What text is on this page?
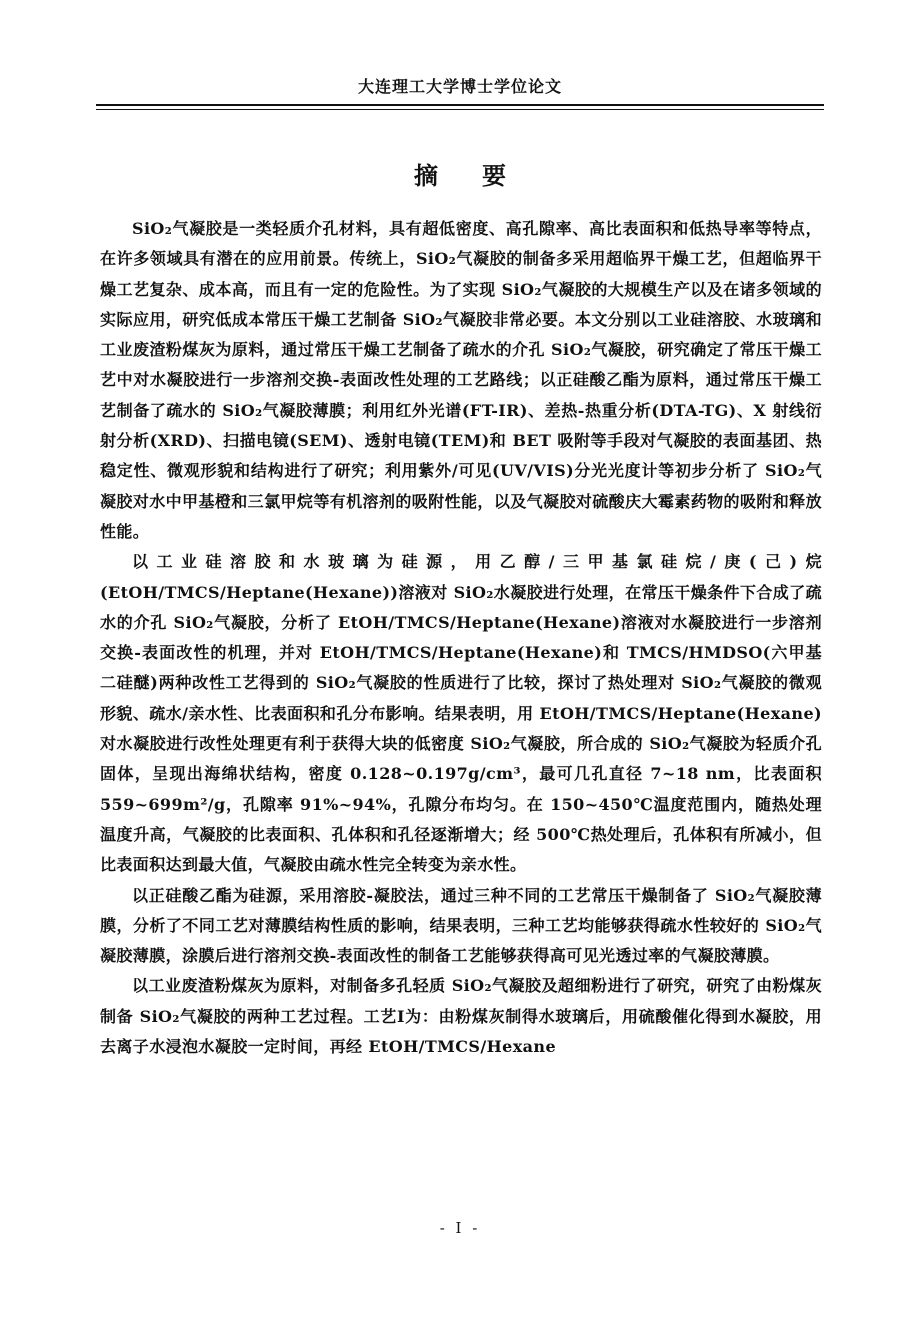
大连理工大学博士学位论文
摘要

SiO₂气凝胶是一类轻质介孔材料，具有超低密度、高孔隙率、高比表面积和低热导率等特点，在许多领域具有潜在的应用前景。传统上，SiO₂气凝胶的制备多采用超临界干燥工艺，但超临界干燥工艺复杂、成本高，而且有一定的危险性。为了实现 SiO₂气凝胶的大规模生产以及在诸多领域的实际应用，研究低成本常压干燥工艺制备 SiO₂气凝胶非常必要。本文分别以工业硅溶胶、水玻璃和工业废渣粉煤灰为原料，通过常压干燥工艺制备了疏水的介孔 SiO₂气凝胶，研究确定了常压干燥工艺中对水凝胶进行一步溶剂交换-表面改性处理的工艺路线；以正硅酸乙酯为原料，通过常压干燥工艺制备了疏水的 SiO₂气凝胶薄膜；利用红外光谱(FT-IR)、差热-热重分析(DTA-TG)、X 射线衍射分析(XRD)、扫描电镜(SEM)、透射电镜(TEM)和 BET 吸附等手段对气凝胶的表面基团、热稳定性、微观形貌和结构进行了研究；利用紫外/可见(UV/VIS)分光光度计等初步分析了 SiO₂气凝胶对水中甲基橙和三氯甲烷等有机溶剂的吸附性能，以及气凝胶对硫酸庆大霉素药物的吸附和释放性能。

以工业硅溶胶和水玻璃为硅源，用乙醇/三甲基氯硅烷/庚(己)烷(EtOH/TMCS/Heptane(Hexane))溶液对 SiO₂水凝胶进行处理，在常压干燥条件下合成了疏水的介孔 SiO₂气凝胶，分析了 EtOH/TMCS/Heptane(Hexane)溶液对水凝胶进行一步溶剂交换-表面改性的机理，并对 EtOH/TMCS/Heptane(Hexane)和 TMCS/HMDSO(六甲基二硅醚)两种改性工艺得到的 SiO₂气凝胶的性质进行了比较，探讨了热处理对 SiO₂气凝胶的微观形貌、疏水/亲水性、比表面积和孔分布影响。结果表明，用 EtOH/TMCS/Heptane(Hexane)对水凝胶进行改性处理更有利于获得大块的低密度 SiO₂气凝胶，所合成的 SiO₂气凝胶为轻质介孔固体，呈现出海绵状结构，密度 0.128~0.197g/cm³，最可几孔直径 7~18 nm，比表面积 559~699m²/g，孔隙率 91%~94%，孔隙分布均匀。在 150~450℃温度范围内，随热处理温度升高，气凝胶的比表面积、孔体积和孔径逐渐增大；经 500℃热处理后，孔体积有所减小，但比表面积达到最大值，气凝胶由疏水性完全转变为亲水性。

以正硅酸乙酯为硅源，采用溶胶-凝胶法，通过三种不同的工艺常压干燥制备了 SiO₂气凝胶薄膜，分析了不同工艺对薄膜结构性质的影响，结果表明，三种工艺均能够获得疏水性较好的 SiO₂气凝胶薄膜，涂膜后进行溶剂交换-表面改性的制备工艺能够获得高可见光透过率的气凝胶薄膜。

以工业废渣粉煤灰为原料，对制备多孔轻质 SiO₂气凝胶及超细粉进行了研究，研究了由粉煤灰制备 SiO₂气凝胶的两种工艺过程。工艺Ⅰ为：由粉煤灰制得水玻璃后，用硫酸催化得到水凝胶，用去离子水浸泡水凝胶一定时间，再经 EtOH/TMCS/Hexane

- I -
